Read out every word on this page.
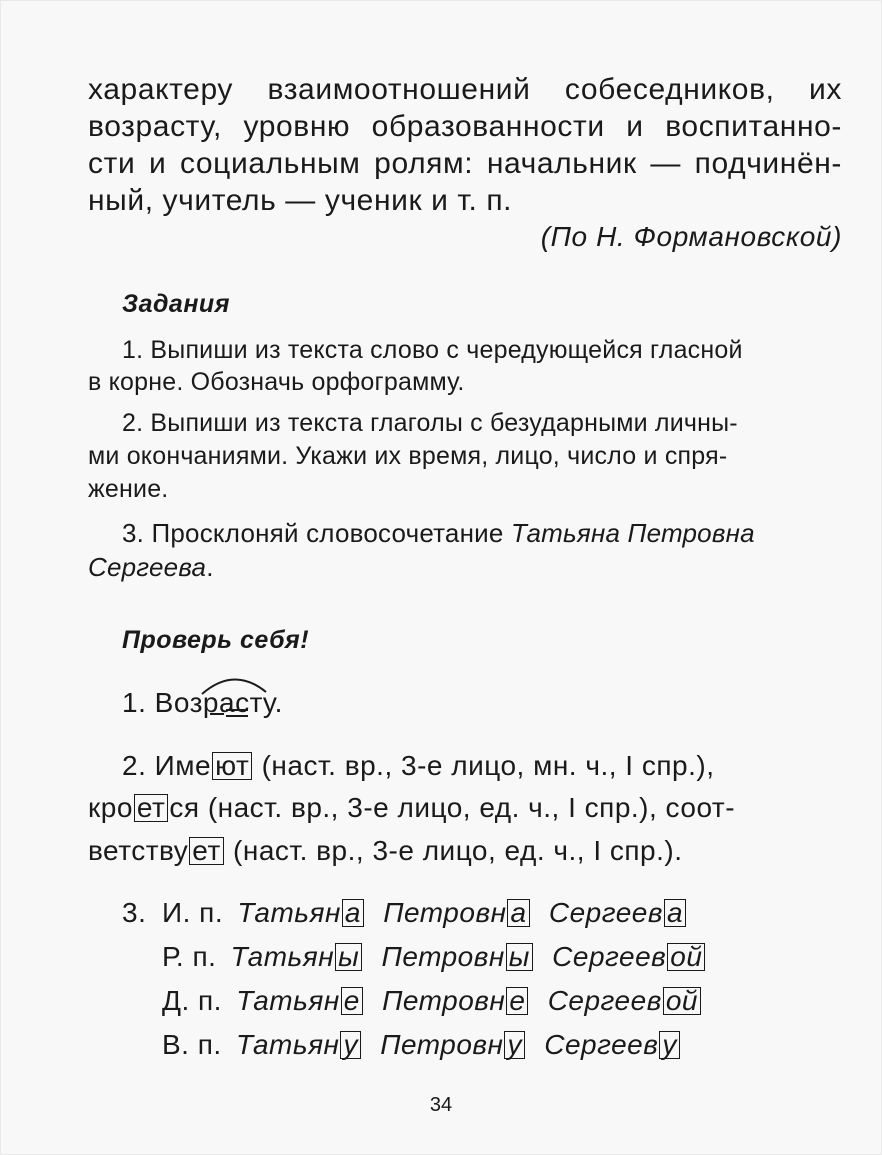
характеру взаимоотношений собеседников, их
возрасту, уровню образованности и воспитанно-
сти и социальным ролям: начальник — подчинён-
ный, учитель — ученик и т. п.
(По Н. Формановской)
Задания
1. Выпиши из текста слово с чередующейся гласной
в корне. Обозначь орфограмму.
2. Выпиши из текста глаголы с безударными личны-
ми окончаниями. Укажи их время, лицо, число и спря-
жение.
3. Просклоняй словосочетание Татьяна Петровна
Сергеева.
Проверь себя!
1. Возраст
у.
2. Име ют (наст. вр., 3-е лицо, мн. ч., I спр.),
кро ет ся (наст. вр., 3-е лицо, ед. ч., I спр.), соот-
ветству ет (наст. вр., 3-е лицо, ед. ч., I спр.).
3. И. п. Татьян а Петровн а Сергеев а
Р. п. Татьян ы Петровн ы Сергеев ой
Д. п. Татьян е Петровн е Сергеев ой
В. п. Татьян у Петровн у Сергеев у
34
